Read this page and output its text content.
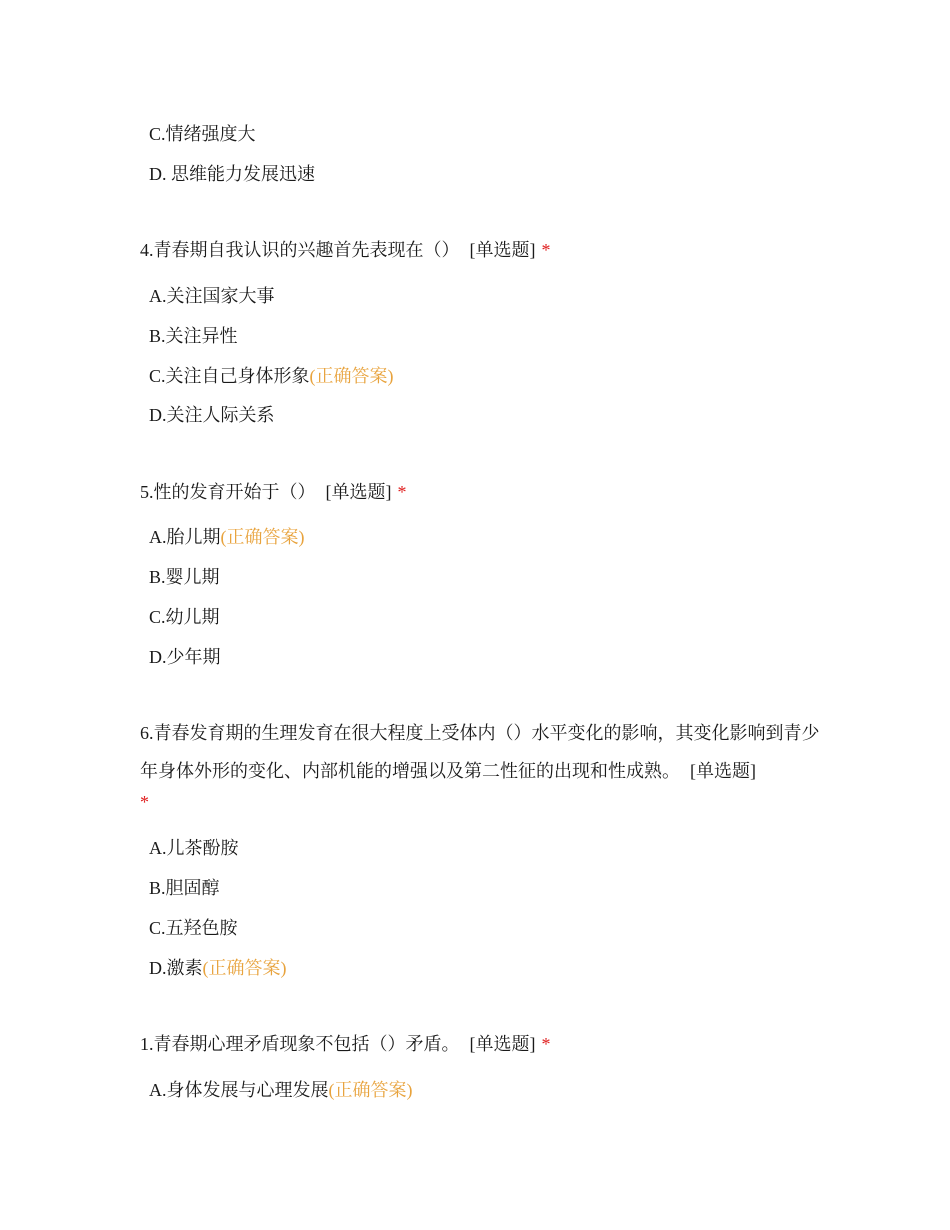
C.情绪强度大
D. 思维能力发展迅速
4.青春期自我认识的兴趣首先表现在（） [单选题] *
A.关注国家大事
B.关注异性
C.关注自己身体形象(正确答案)
D.关注人际关系
5.性的发育开始于（） [单选题] *
A.胎儿期(正确答案)
B.婴儿期
C.幼儿期
D.少年期
6.青春发育期的生理发育在很大程度上受体内（）水平变化的影响，其变化影响到青少年身体外形的变化、内部机能的增强以及第二性征的出现和性成熟。 [单选题]
*
A.儿茶酚胺
B.胆固醇
C.五羟色胺
D.激素(正确答案)
1.青春期心理矛盾现象不包括（）矛盾。 [单选题] *
A.身体发展与心理发展(正确答案)
